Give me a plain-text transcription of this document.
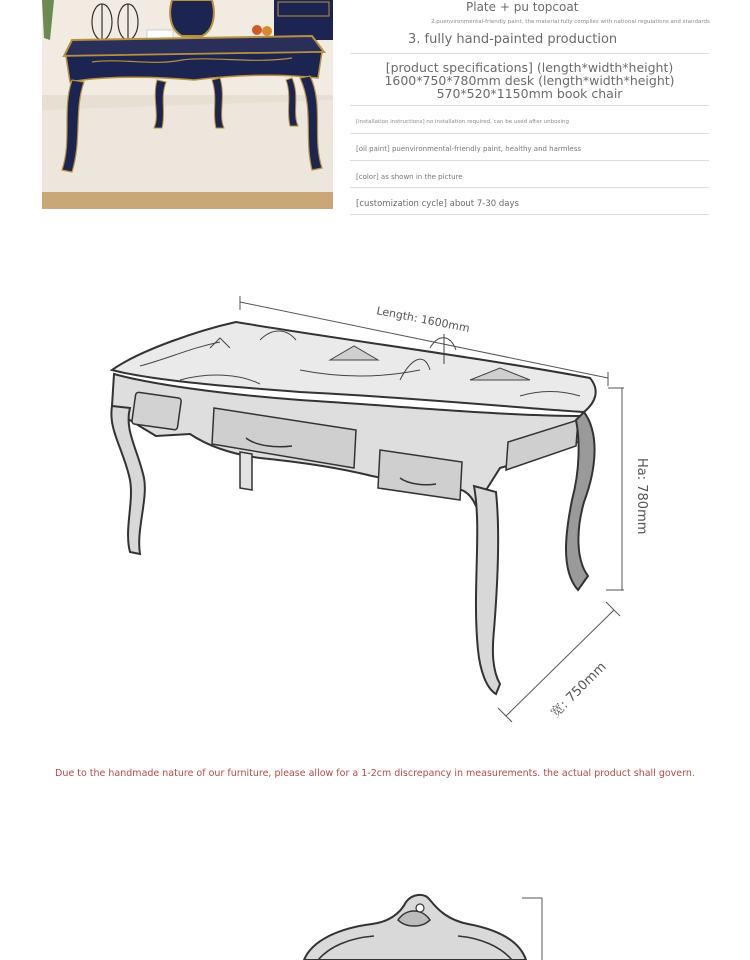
Plate + pu topcoat
2.puenvironmental-friendly paint, the material fully complies with national regulations and standards
3. fully hand-painted production
[product specifications] (length*width*height)
1600*750*780mm desk (length*width*height)
570*520*1150mm book chair
[installation instructions] no installation required, can be used after unboxing
[oil paint] puenvironmental-friendly paint, healthy and harmless
[color] as shown in the picture
[customization cycle] about 7-30 days
Length: 1600mm
Ha: 780mm
宽: 750mm
Due to the handmade nature of our furniture, please allow for a 1-2cm discrepancy in measurements. the actual product shall govern.
